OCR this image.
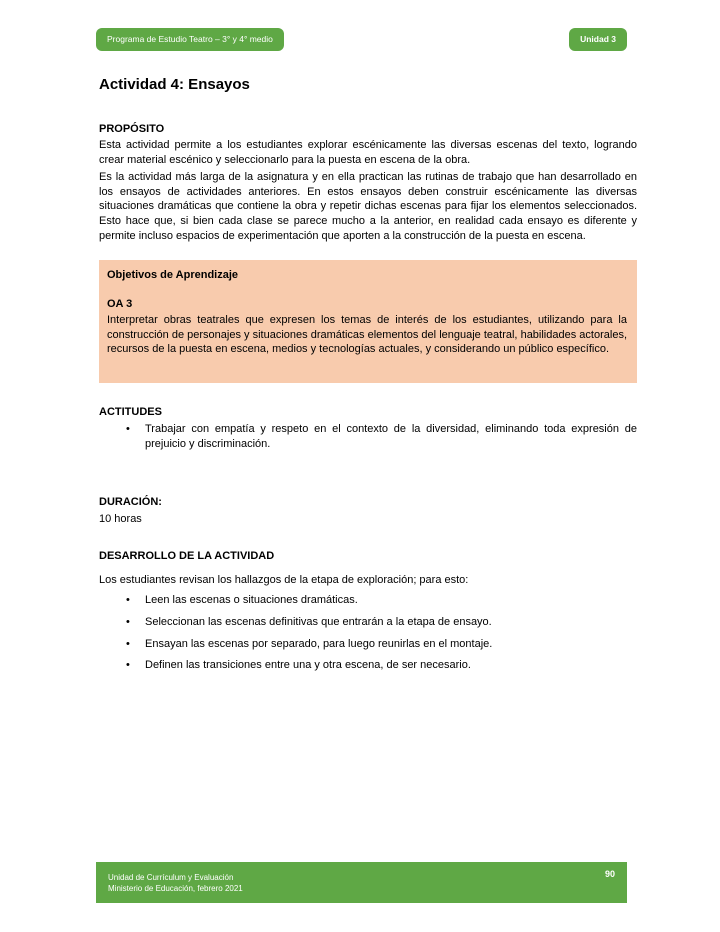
Programa de Estudio Teatro – 3° y 4° medio	Unidad 3
Actividad 4: Ensayos
PROPÓSITO

Esta actividad permite a los estudiantes explorar escénicamente las diversas escenas del texto, logrando crear material escénico y seleccionarlo para la puesta en escena de la obra.

Es la actividad más larga de la asignatura y en ella practican las rutinas de trabajo que han desarrollado en los ensayos de actividades anteriores. En estos ensayos deben construir escénicamente las diversas situaciones dramáticas que contiene la obra y repetir dichas escenas para fijar los elementos seleccionados. Esto hace que, si bien cada clase se parece mucho a la anterior, en realidad cada ensayo es diferente y permite incluso espacios de experimentación que aporten a la construcción de la puesta en escena.

Objetivos de Aprendizaje
OA 3

Interpretar obras teatrales que expresen los temas de interés de los estudiantes, utilizando para la construcción de personajes y situaciones dramáticas elementos del lenguaje teatral, habilidades actorales, recursos de la puesta en escena, medios y tecnologías actuales, y considerando un público específico.

ACTITUDES
• Trabajar con empatía y respeto en el contexto de la diversidad, eliminando toda expresión de prejuicio y discriminación.
DURACIÓN:

10 horas

DESARROLLO DE LA ACTIVIDAD

Los estudiantes revisan los hallazgos de la etapa de exploración; para esto:

• Leen las escenas o situaciones dramáticas.
• Seleccionan las escenas definitivas que entrarán a la etapa de ensayo.
• Ensayan las escenas por separado, para luego reunirlas en el montaje.
• Definen las transiciones entre una y otra escena, de ser necesario.
Unidad de Currículum y Evaluación
Ministerio de Educación, febrero 2021
90
